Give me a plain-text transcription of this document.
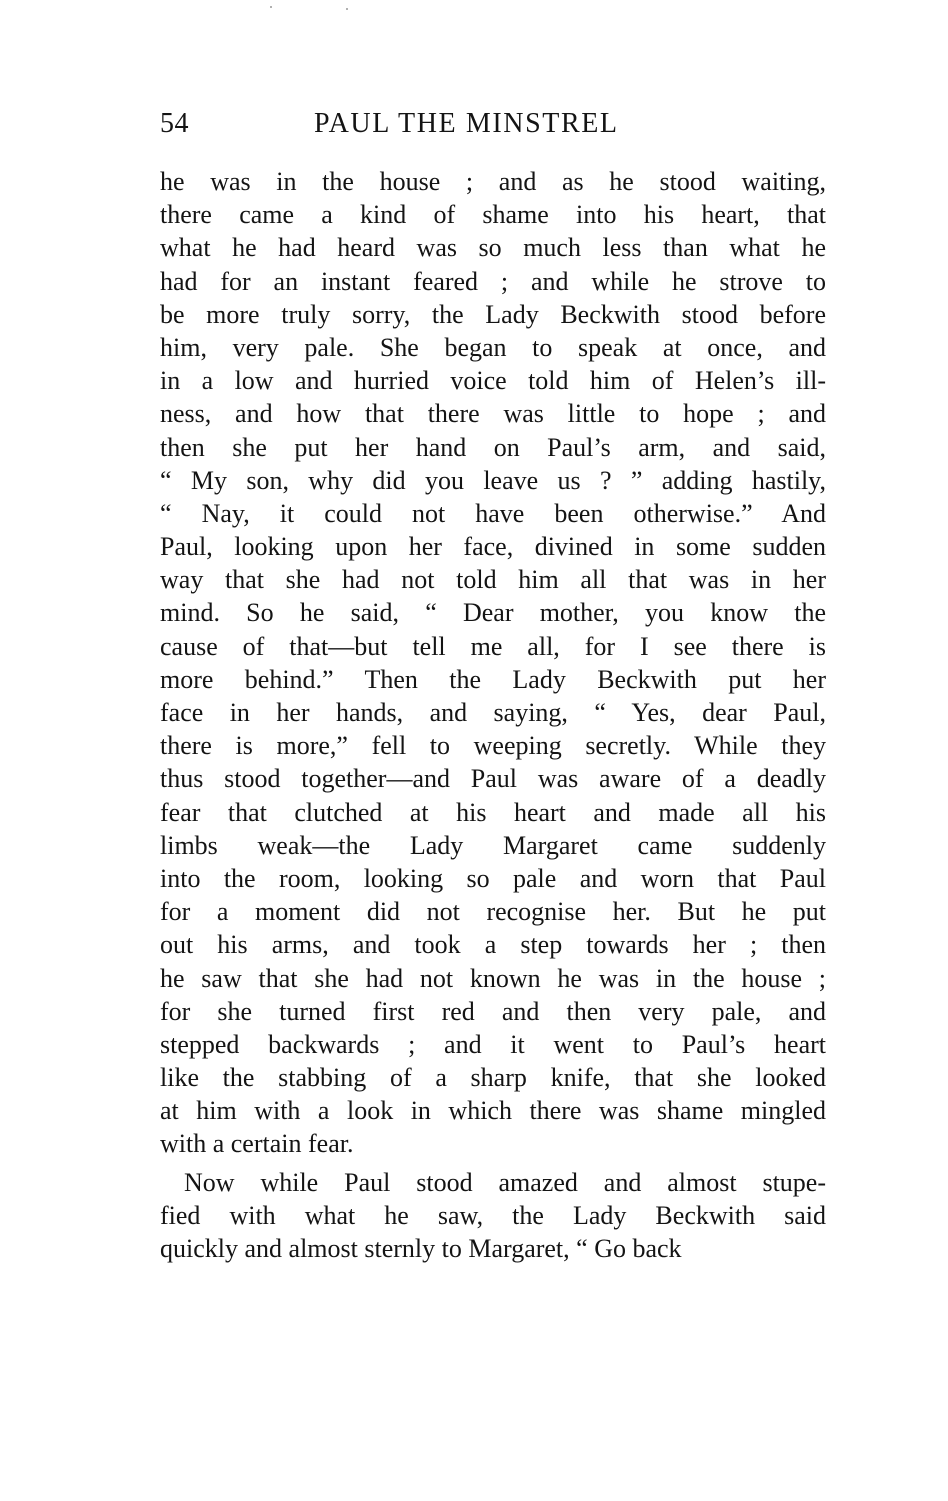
54	PAUL THE MINSTREL
he was in the house ; and as he stood waiting,
there came a kind of shame into his heart, that
what he had heard was so much less than what he
had for an instant feared ; and while he strove to
be more truly sorry, the Lady Beckwith stood before
him, very pale. She began to speak at once, and
in a low and hurried voice told him of Helen’s ill-
ness, and how that there was little to hope ; and
then she put her hand on Paul’s arm, and said,
“ My son, why did you leave us ? ” adding hastily,
“ Nay, it could not have been otherwise.” And
Paul, looking upon her face, divined in some sudden
way that she had not told him all that was in her
mind. So he said, “ Dear mother, you know the
cause of that—but tell me all, for I see there is
more behind.” Then the Lady Beckwith put her
face in her hands, and saying, “ Yes, dear Paul,
there is more,” fell to weeping secretly. While they
thus stood together—and Paul was aware of a deadly
fear that clutched at his heart and made all his
limbs weak—the Lady Margaret came suddenly
into the room, looking so pale and worn that Paul
for a moment did not recognise her. But he put
out his arms, and took a step towards her ; then
he saw that she had not known he was in the house ;
for she turned first red and then very pale, and
stepped backwards ; and it went to Paul’s heart
like the stabbing of a sharp knife, that she looked
at him with a look in which there was shame mingled
with a certain fear.
Now while Paul stood amazed and almost stupe-
fied with what he saw, the Lady Beckwith said
quickly and almost sternly to Margaret, “ Go back
